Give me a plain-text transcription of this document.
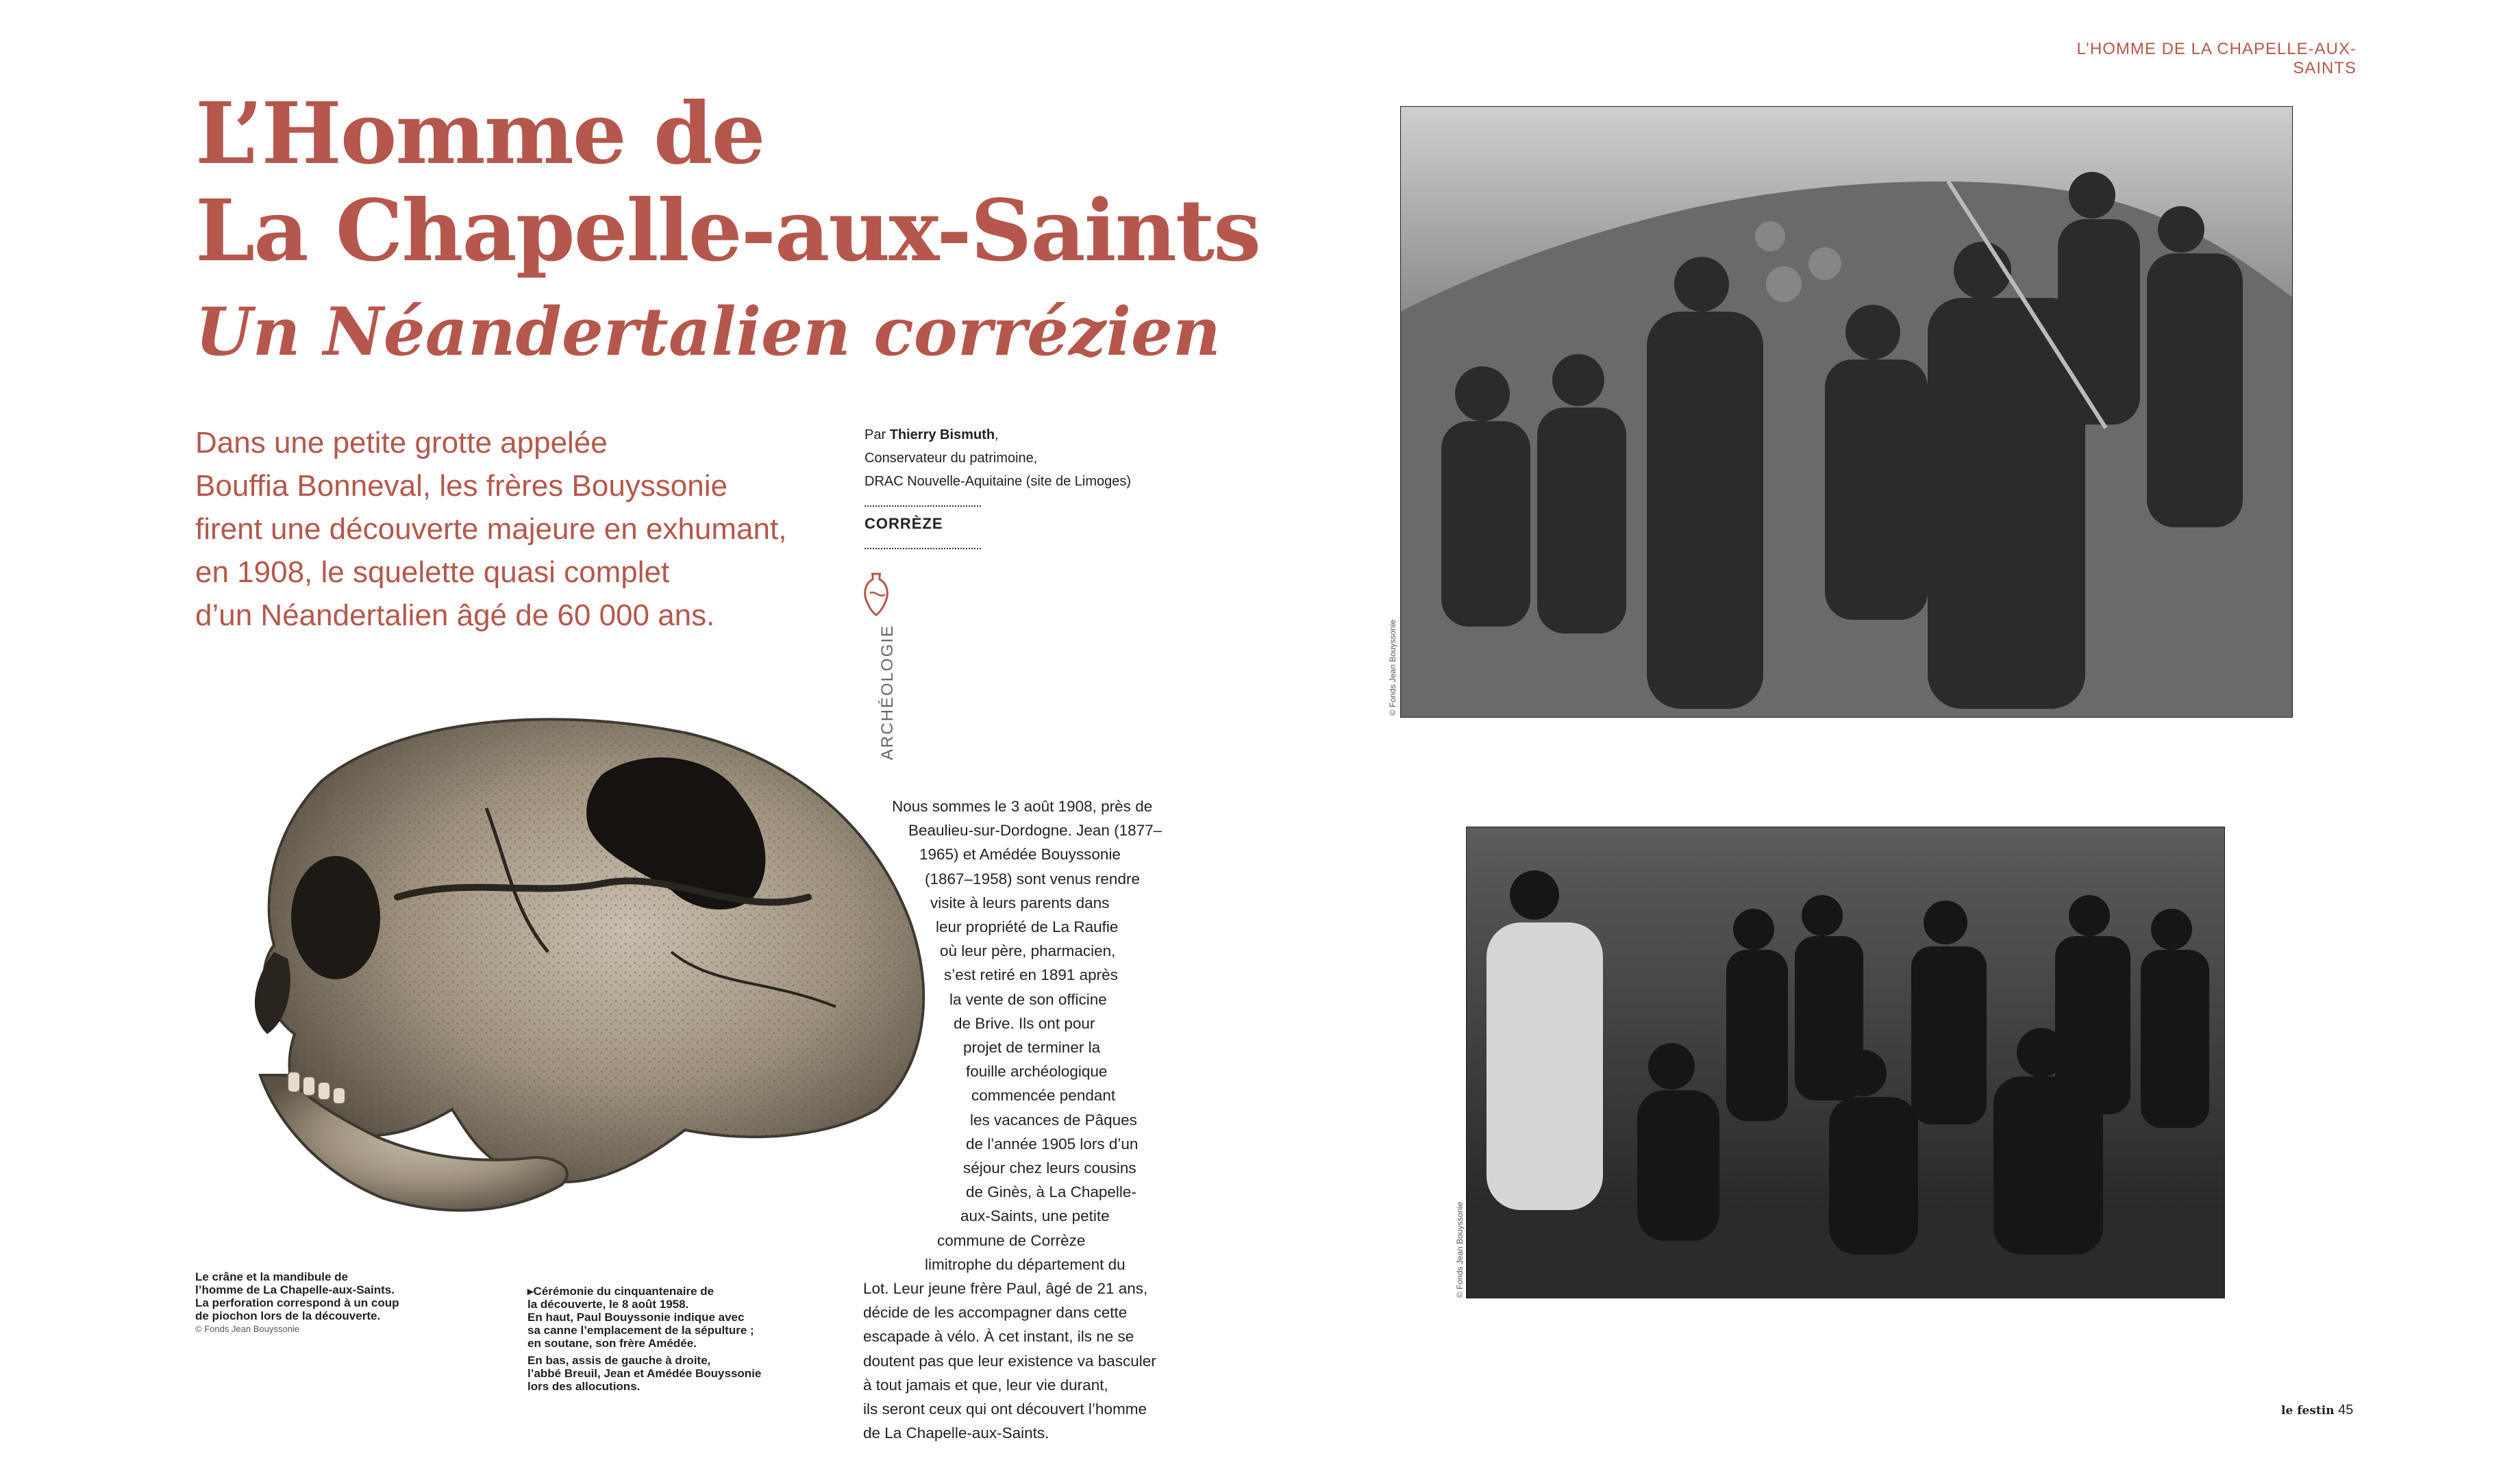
L’HOMME DE LA CHAPELLE-AUX-SAINTS
L’Homme de
La Chapelle-aux-Saints
Un Néandertalien corrézien
Dans une petite grotte appelée
Bouffia Bonneval, les frères Bouyssonie
firent une découverte majeure en exhumant,
en 1908, le squelette quasi complet
d’un Néandertalien âgé de 60 000 ans.
Par Thierry Bismuth,
Conservateur du patrimoine,
DRAC Nouvelle-Aquitaine (site de Limoges)
CORRÈZE
ARCHÉOLOGIE
Nous sommes le 3 août 1908, près de
Beaulieu-sur-Dordogne. Jean (1877–
1965) et Amédée Bouyssonie
(1867–1958) sont venus rendre
visite à leurs parents dans
leur propriété de La Raufie
où leur père, pharmacien,
s’est retiré en 1891 après
la vente de son officine
de Brive. Ils ont pour
projet de terminer la
fouille archéologique
commencée pendant
les vacances de Pâques
de l’année 1905 lors d’un
séjour chez leurs cousins
de Ginès, à La Chapelle-
aux-Saints, une petite
commune de Corrèze
limitrophe du département du
Lot. Leur jeune frère Paul, âgé de 21 ans,
décide de les accompagner dans cette
escapade à vélo. À cet instant, ils ne se
doutent pas que leur existence va basculer
à tout jamais et que, leur vie durant,
ils seront ceux qui ont découvert l’homme
de La Chapelle-aux-Saints.
Le crâne et la mandibule de
l’homme de La Chapelle-aux-Saints.
La perforation correspond à un coup
de piochon lors de la découverte.
© Fonds Jean Bouyssonie
▸Cérémonie du cinquantenaire de
la découverte, le 8 août 1958.
En haut, Paul Bouyssonie indique avec
sa canne l’emplacement de la sépulture ;
en soutane, son frère Amédée.
En bas, assis de gauche à droite,
l’abbé Breuil, Jean et Amédée Bouyssonie
lors des allocutions.
© Fonds Jean Bouyssonie
© Fonds Jean Bouyssonie
le festin 45
